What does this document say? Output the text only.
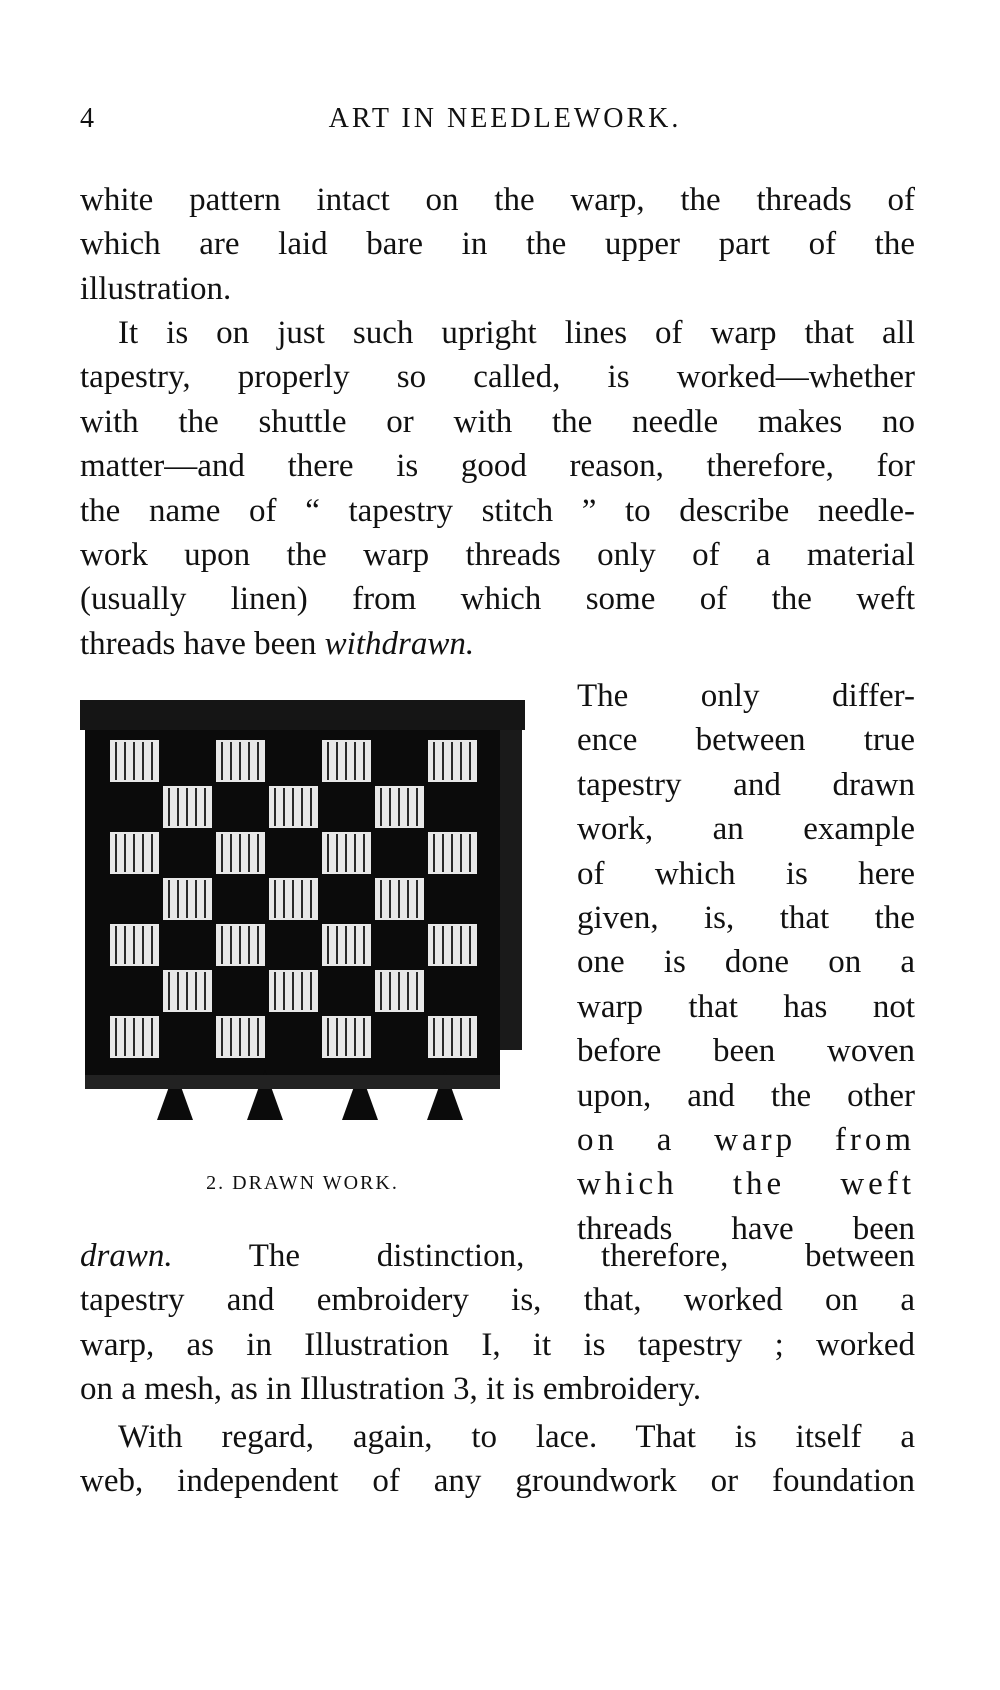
4	ART IN NEEDLEWORK.
white pattern intact on the warp, the threads of
which are laid bare in the upper part of the
illustration.
It is on just such upright lines of warp that all
tapestry, properly so called, is worked—whether
with the shuttle or with the needle makes no
matter—and there is good reason, therefore, for
the name of “ tapestry stitch ” to describe needle-
work upon the warp threads only of a material
(usually linen) from which some of the weft
threads have been withdrawn.
2. DRAWN WORK.
The only differ-
ence between true
tapestry and drawn
work, an example
of which is here
given, is, that the
one is done on a
warp that has not
before been woven
upon, and the other
on a warp from
which the weft
threads have been
drawn. The distinction, therefore, between
tapestry and embroidery is, that, worked on a
warp, as in Illustration I, it is tapestry ; worked
on a mesh, as in Illustration 3, it is embroidery.
With regard, again, to lace. That is itself a
web, independent of any groundwork or foundation
